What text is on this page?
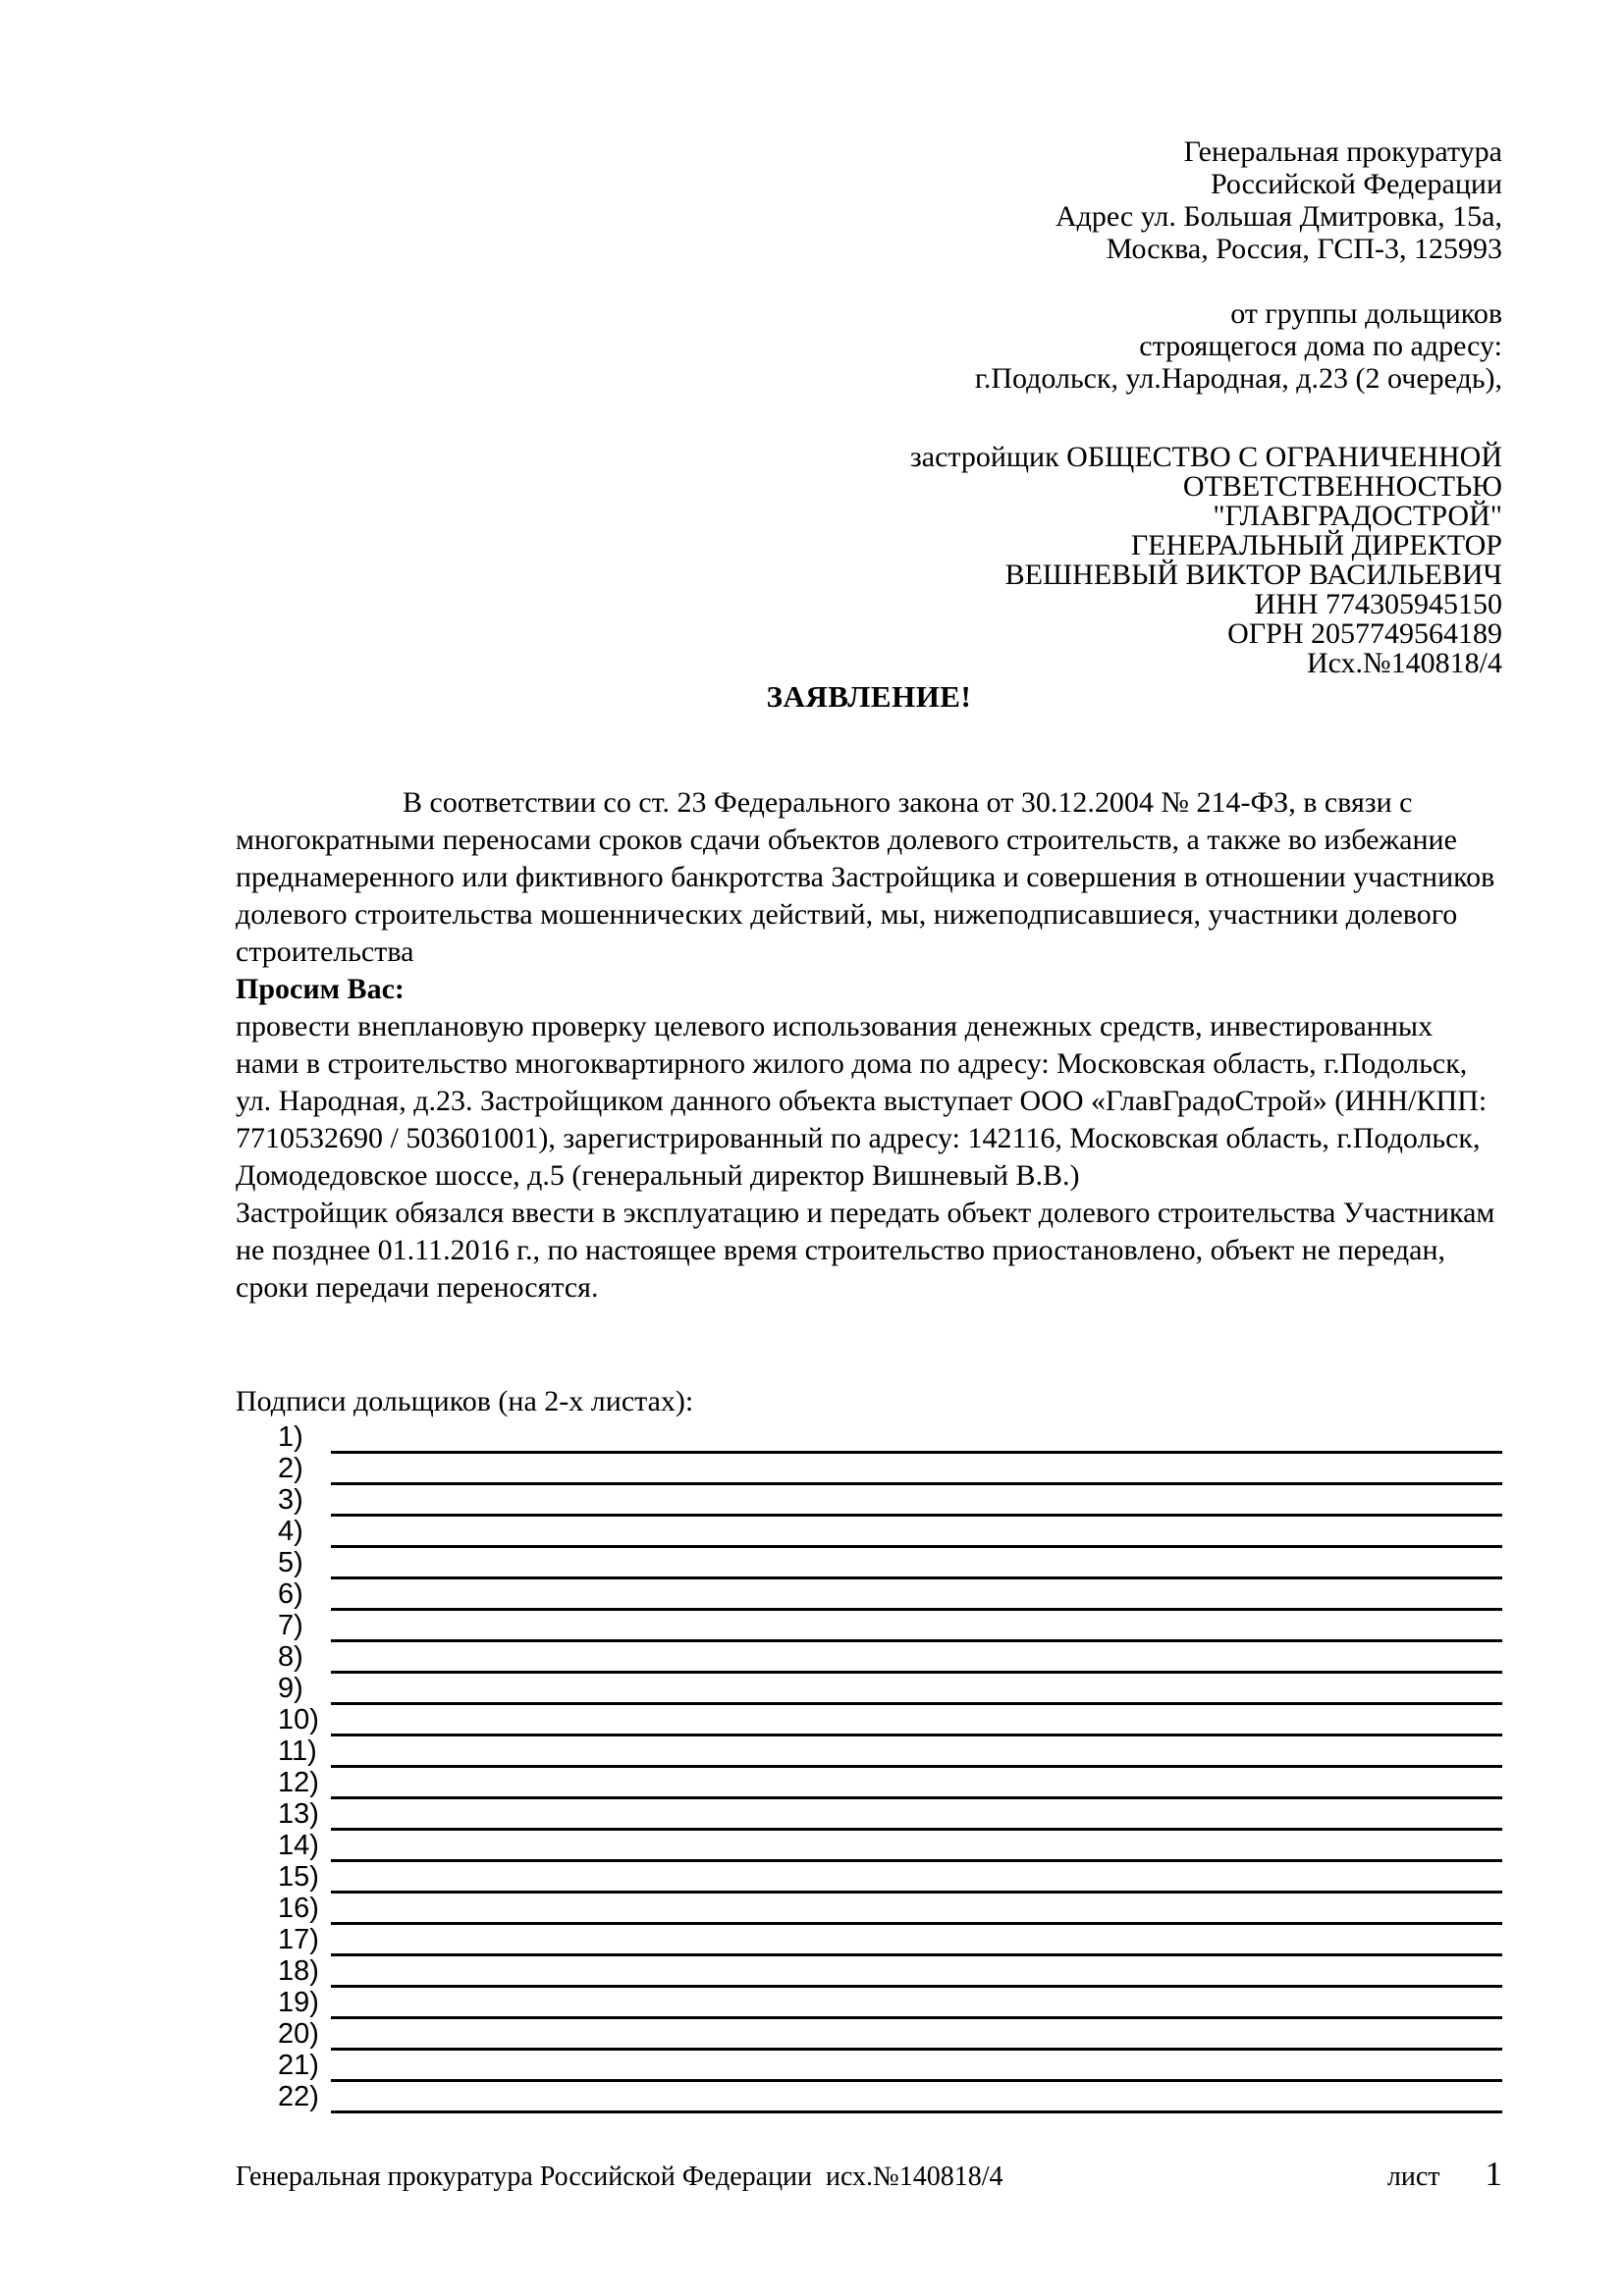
Генеральная прокуратура
Российской Федерации
Адрес ул. Большая Дмитровка, 15а,
Москва, Россия, ГСП-3, 125993
от группы дольщиков
строящегося дома по адресу:
г.Подольск, ул.Народная, д.23 (2 очередь),
застройщик ОБЩЕСТВО С ОГРАНИЧЕННОЙ
ОТВЕТСТВЕННОСТЬЮ
"ГЛАВГРАДОСТРОЙ"
ГЕНЕРАЛЬНЫЙ ДИРЕКТОР
ВЕШНЕВЫЙ ВИКТОР ВАСИЛЬЕВИЧ
ИНН 774305945150
ОГРН 2057749564189
Исх.№140818/4
ЗАЯВЛЕНИЕ!

В соответствии со ст. 23 Федерального закона от 30.12.2004 № 214-ФЗ, в связи с многократными переносами сроков сдачи объектов долевого строительств, а также во избежание преднамеренного или фиктивного банкротства Застройщика и совершения в отношении участников долевого строительства мошеннических действий, мы, нижеподписавшиеся, участники долевого строительства

Просим Вас:

провести внеплановую проверку целевого использования денежных средств, инвестированных нами в строительство многоквартирного жилого дома по адресу: Московская область, г.Подольск, ул. Народная, д.23. Застройщиком данного объекта выступает ООО «ГлавГрадоСтрой» (ИНН/КПП: 7710532690 / 503601001), зарегистрированный по адресу: 142116, Московская область, г.Подольск, Домодедовское шоссе, д.5 (генеральный директор Вишневый В.В.)

Застройщик обязался ввести в эксплуатацию и передать объект долевого строительства Участникам не позднее 01.11.2016 г., по настоящее время строительство приостановлено, объект не передан, сроки передачи переносятся.

Подписи дольщиков (на 2-х листах):

1)
2)
3)
4)
5)
6)
7)
8)
9)
10)
11)
12)
13)
14)
15)
16)
17)
18)
19)
20)
21)
22)
Генеральная прокуратура Российской Федерации  исх.№140818/4	лист 1
